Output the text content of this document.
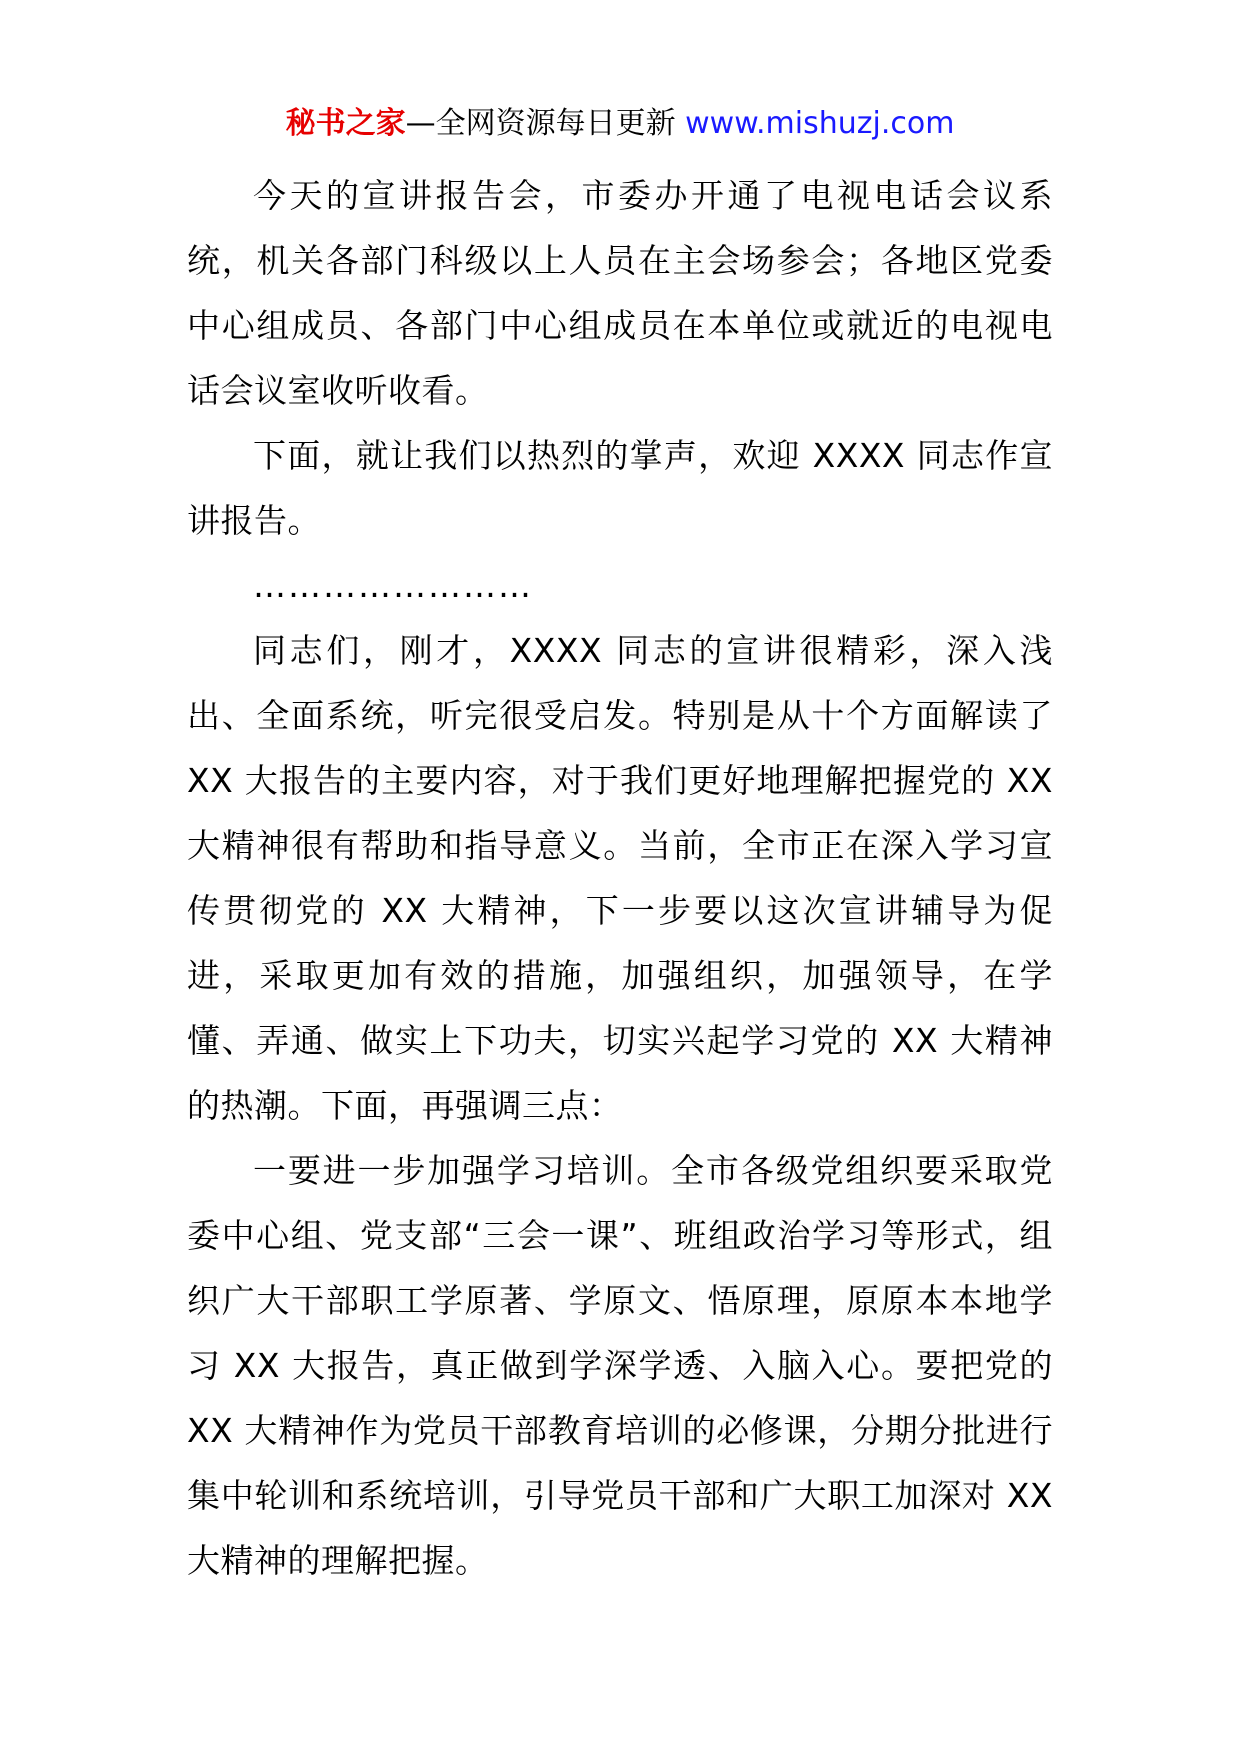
秘书之家—全网资源每日更新 www.mishuzj.com

今天的宣讲报告会，市委办开通了电视电话会议系统，机关各部门科级以上人员在主会场参会；各地区党委中心组成员、各部门中心组成员在本单位或就近的电视电话会议室收听收看。

下面，就让我们以热烈的掌声，欢迎 XXXX 同志作宣讲报告。

……………………

同志们，刚才，XXXX 同志的宣讲很精彩，深入浅出、全面系统，听完很受启发。特别是从十个方面解读了 XX 大报告的主要内容，对于我们更好地理解把握党的 XX 大精神很有帮助和指导意义。当前，全市正在深入学习宣传贯彻党的 XX 大精神，下一步要以这次宣讲辅导为促进，采取更加有效的措施，加强组织，加强领导，在学懂、弄通、做实上下功夫，切实兴起学习党的 XX 大精神的热潮。下面，再强调三点：

一要进一步加强学习培训。全市各级党组织要采取党委中心组、党支部“三会一课”、班组政治学习等形式，组织广大干部职工学原著、学原文、悟原理，原原本本地学习 XX 大报告，真正做到学深学透、入脑入心。要把党的 XX 大精神作为党员干部教育培训的必修课，分期分批进行集中轮训和系统培训，引导党员干部和广大职工加深对 XX 大精神的理解把握。
